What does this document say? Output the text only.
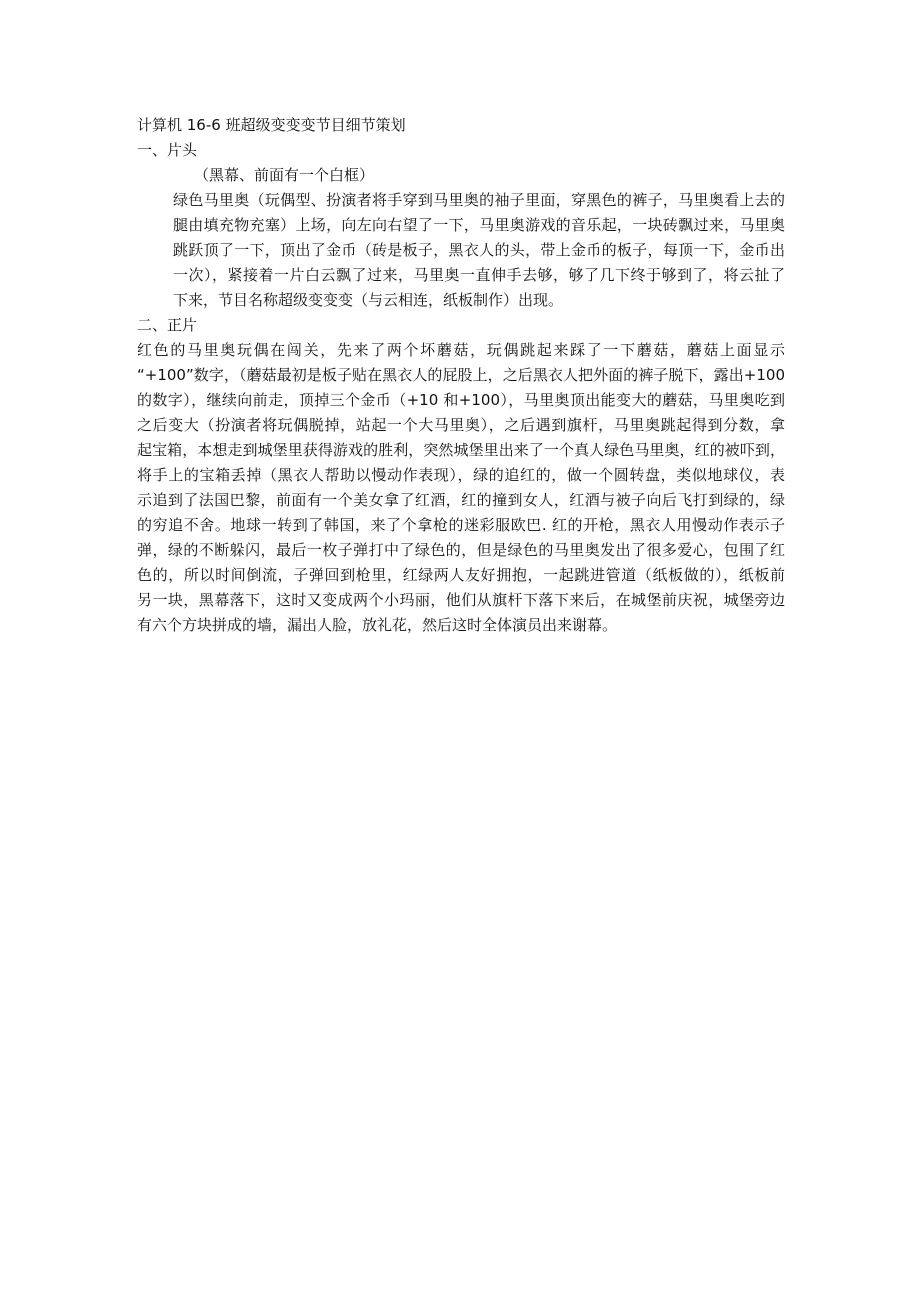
计算机 16-6 班超级变变变节目细节策划
一、片头
（黑幕、前面有一个白框）
绿色马里奥（玩偶型、扮演者将手穿到马里奥的袖子里面，穿黑色的裤子，马里奥看上去的
腿由填充物充塞）上场，向左向右望了一下，马里奥游戏的音乐起，一块砖飘过来，马里奥
跳跃顶了一下，顶出了金币（砖是板子，黑衣人的头，带上金币的板子，每顶一下，金币出
一次），紧接着一片白云飘了过来，马里奥一直伸手去够，够了几下终于够到了，将云扯了
下来，节目名称超级变变变（与云相连，纸板制作）出现。
二、正片
红色的马里奥玩偶在闯关，先来了两个坏蘑菇，玩偶跳起来踩了一下蘑菇，蘑菇上面显示
“+100”数字，（蘑菇最初是板子贴在黑衣人的屁股上，之后黑衣人把外面的裤子脱下，露出+100
的数字），继续向前走，顶掉三个金币（+10 和+100），马里奥顶出能变大的蘑菇，马里奥吃到
之后变大（扮演者将玩偶脱掉，站起一个大马里奥），之后遇到旗杆，马里奥跳起得到分数，拿
起宝箱，本想走到城堡里获得游戏的胜利，突然城堡里出来了一个真人绿色马里奥，红的被吓到，
将手上的宝箱丢掉（黑衣人帮助以慢动作表现），绿的追红的，做一个圆转盘，类似地球仪，表
示追到了法国巴黎，前面有一个美女拿了红酒，红的撞到女人，红酒与被子向后飞打到绿的，绿
的穷追不舍。地球一转到了韩国，来了个拿枪的迷彩服欧巴. 红的开枪，黑衣人用慢动作表示子
弹，绿的不断躲闪，最后一枚子弹打中了绿色的，但是绿色的马里奥发出了很多爱心，包围了红
色的，所以时间倒流，子弹回到枪里，红绿两人友好拥抱，一起跳进管道（纸板做的），纸板前
另一块，黑幕落下，这时又变成两个小玛丽，他们从旗杆下落下来后，在城堡前庆祝，城堡旁边
有六个方块拼成的墙，漏出人脸，放礼花，然后这时全体演员出来谢幕。
